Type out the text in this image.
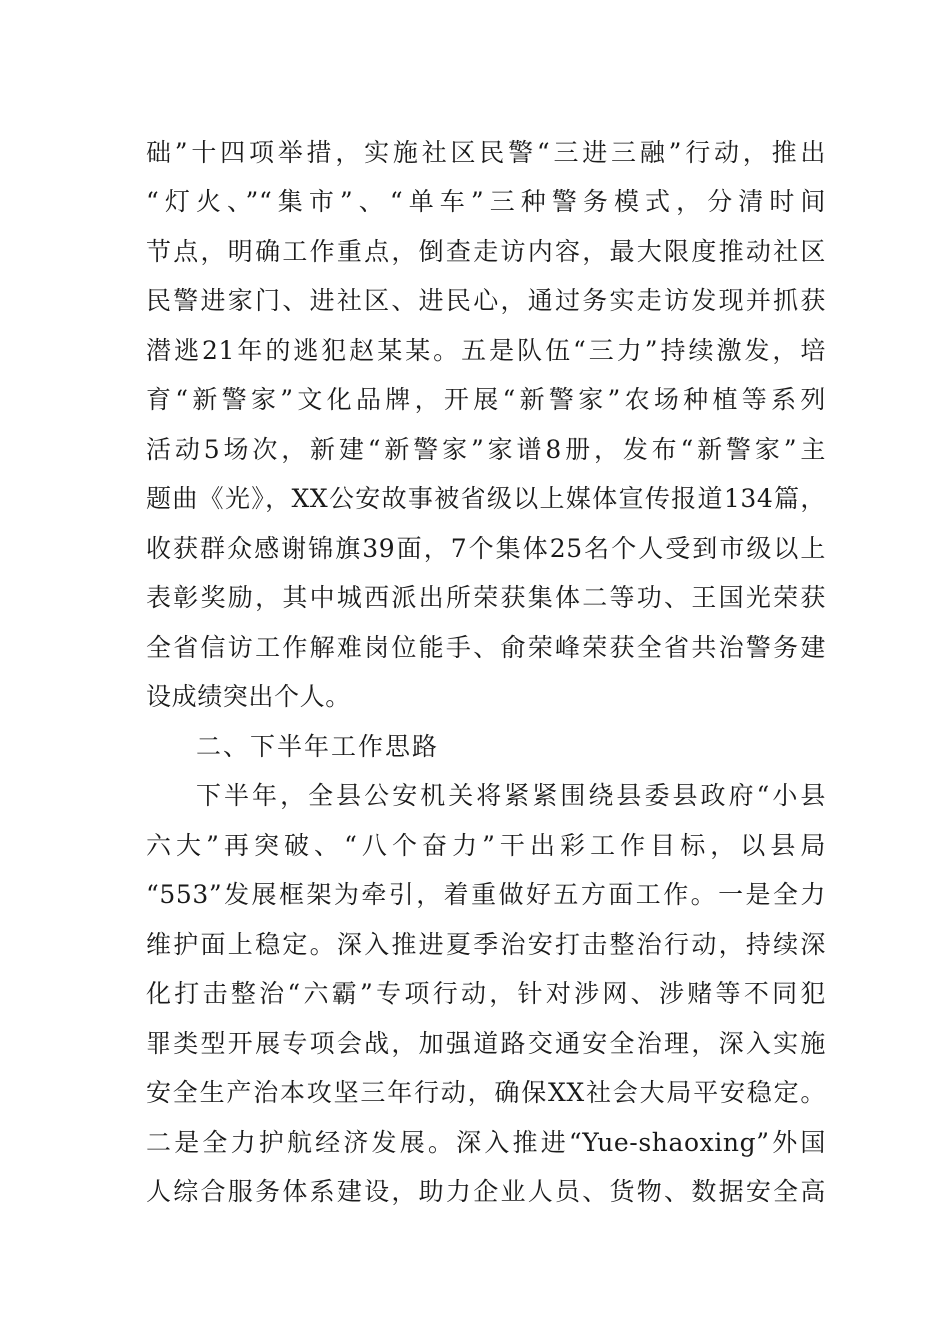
础”十四项举措，实施社区民警“三进三融”行动，推出
“灯火、”“集市”、“单车”三种警务模式，分清时间
节点，明确工作重点，倒查走访内容，最大限度推动社区
民警进家门、进社区、进民心，通过务实走访发现并抓获
潜逃21年的逃犯赵某某。五是队伍“三力”持续激发，培
育“新警家”文化品牌，开展“新警家”农场种植等系列
活动5场次，新建“新警家”家谱8册，发布“新警家”主
题曲《光》，XX公安故事被省级以上媒体宣传报道134篇，
收获群众感谢锦旗39面，7个集体25名个人受到市级以上
表彰奖励，其中城西派出所荣获集体二等功、王国光荣获
全省信访工作解难岗位能手、俞荣峰荣获全省共治警务建
设成绩突出个人。
二、下半年工作思路
下半年，全县公安机关将紧紧围绕县委县政府“小县
六大”再突破、“八个奋力”干出彩工作目标，以县局
“553”发展框架为牵引，着重做好五方面工作。一是全力
维护面上稳定。深入推进夏季治安打击整治行动，持续深
化打击整治“六霸”专项行动，针对涉网、涉赌等不同犯
罪类型开展专项会战，加强道路交通安全治理，深入实施
安全生产治本攻坚三年行动，确保XX社会大局平安稳定。
二是全力护航经济发展。深入推进“Yue-shaoxing”外国
人综合服务体系建设，助力企业人员、货物、数据安全高
